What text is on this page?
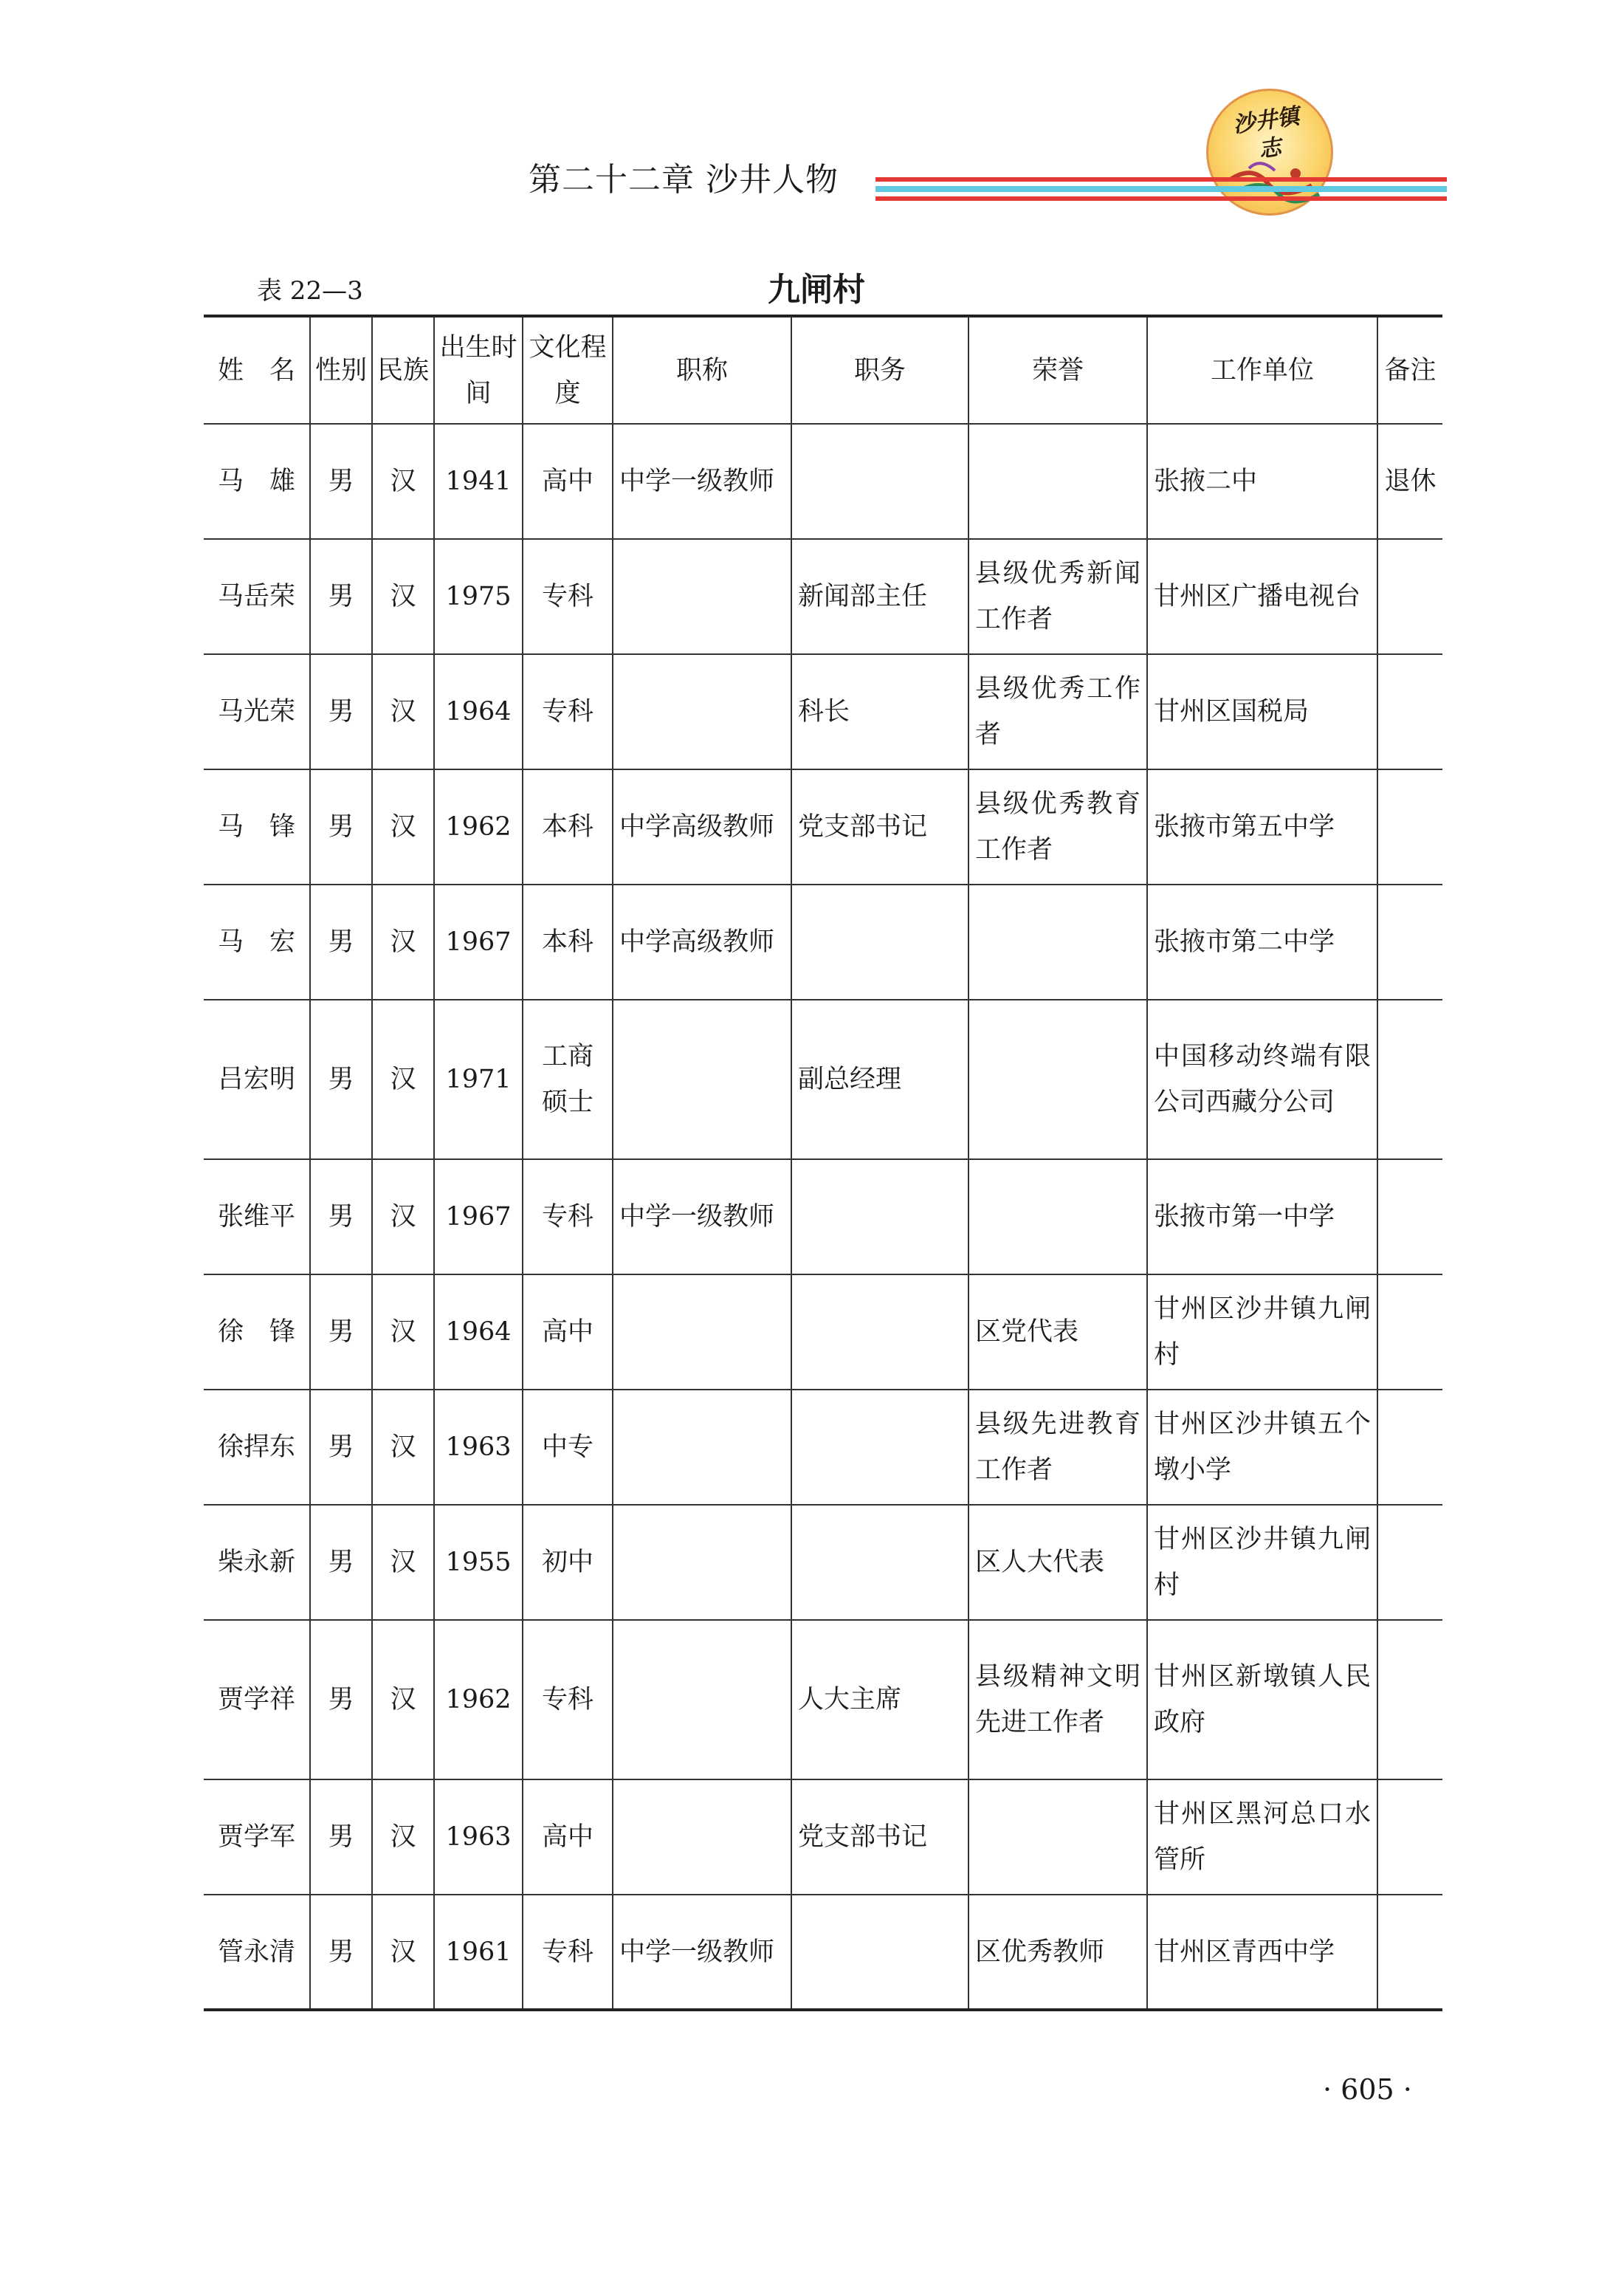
沙井镇志
第二十二章 沙井人物
表 22—3	九闸村
姓　名	性别	民族	出生时间	文化程度	职称	职务	荣誉	工作单位	备注
马　雄	男	汉	1941	高中	中学一级教师			张掖二中	退休
马岳荣	男	汉	1975	专科		新闻部主任	县级优秀新闻工作者	甘州区广播电视台	
马光荣	男	汉	1964	专科		科长	县级优秀工作者	甘州区国税局	
马　锋	男	汉	1962	本科	中学高级教师	党支部书记	县级优秀教育工作者	张掖市第五中学	
马　宏	男	汉	1967	本科	中学高级教师			张掖市第二中学	
吕宏明	男	汉	1971	工商硕士		副总经理		中国移动终端有限公司西藏分公司	
张维平	男	汉	1967	专科	中学一级教师			张掖市第一中学	
徐　锋	男	汉	1964	高中			区党代表	甘州区沙井镇九闸村	
徐捍东	男	汉	1963	中专			县级先进教育工作者	甘州区沙井镇五个墩小学	
柴永新	男	汉	1955	初中			区人大代表	甘州区沙井镇九闸村	
贾学祥	男	汉	1962	专科		人大主席	县级精神文明先进工作者	甘州区新墩镇人民政府	
贾学军	男	汉	1963	高中		党支部书记		甘州区黑河总口水管所	
管永清	男	汉	1961	专科	中学一级教师		区优秀教师	甘州区青西中学	
· 605 ·
